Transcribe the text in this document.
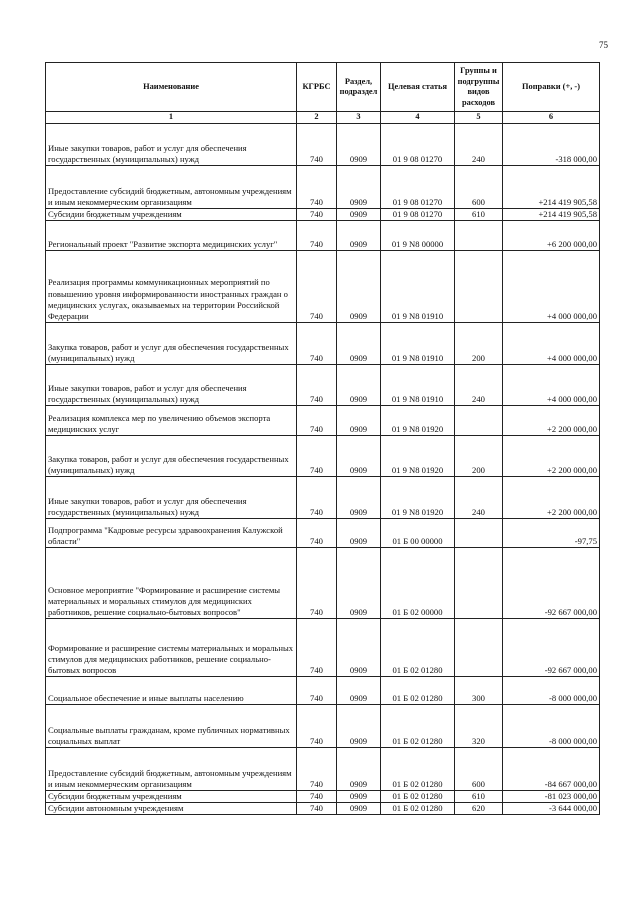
75
Наименование	КГРБС	Раздел, подраздел	Целевая статья	Группы и подгруппы видов расходов	Поправки (+, -)
1	2	3	4	5	6
Иные закупки товаров, работ и услуг для обеспечения государственных (муниципальных) нужд	740	0909	01 9 08 01270	240	-318 000,00
Предоставление субсидий бюджетным, автономным учреждениям и иным некоммерческим организациям	740	0909	01 9 08 01270	600	+214 419 905,58
Субсидии бюджетным учреждениям	740	0909	01 9 08 01270	610	+214 419 905,58
Региональный проект "Развитие экспорта медицинских услуг"	740	0909	01 9 N8 00000		+6 200 000,00
Реализация программы коммуникационных мероприятий по повышению уровня информированности иностранных граждан о медицинских услугах, оказываемых на территории Российской Федерации	740	0909	01 9 N8 01910		+4 000 000,00
Закупка товаров, работ и услуг для обеспечения государственных (муниципальных) нужд	740	0909	01 9 N8 01910	200	+4 000 000,00
Иные закупки товаров, работ и услуг для обеспечения государственных (муниципальных) нужд	740	0909	01 9 N8 01910	240	+4 000 000,00
Реализация комплекса мер по увеличению объемов экспорта медицинских услуг	740	0909	01 9 N8 01920		+2 200 000,00
Закупка товаров, работ и услуг для обеспечения государственных (муниципальных) нужд	740	0909	01 9 N8 01920	200	+2 200 000,00
Иные закупки товаров, работ и услуг для обеспечения государственных (муниципальных) нужд	740	0909	01 9 N8 01920	240	+2 200 000,00
Подпрограмма "Кадровые ресурсы здравоохранения Калужской области"	740	0909	01 Б 00 00000		-97,75
Основное мероприятие "Формирование и расширение системы материальных и моральных стимулов для медицинских работников, решение социально-бытовых вопросов"	740	0909	01 Б 02 00000		-92 667 000,00
Формирование и расширение системы материальных и моральных стимулов для медицинских работников, решение социально-бытовых вопросов	740	0909	01 Б 02 01280		-92 667 000,00
Социальное обеспечение и иные выплаты населению	740	0909	01 Б 02 01280	300	-8 000 000,00
Социальные выплаты гражданам, кроме публичных нормативных социальных выплат	740	0909	01 Б 02 01280	320	-8 000 000,00
Предоставление субсидий бюджетным, автономным учреждениям и иным некоммерческим организациям	740	0909	01 Б 02 01280	600	-84 667 000,00
Субсидии бюджетным учреждениям	740	0909	01 Б 02 01280	610	-81 023 000,00
Субсидии автономным учреждениям	740	0909	01 Б 02 01280	620	-3 644 000,00
